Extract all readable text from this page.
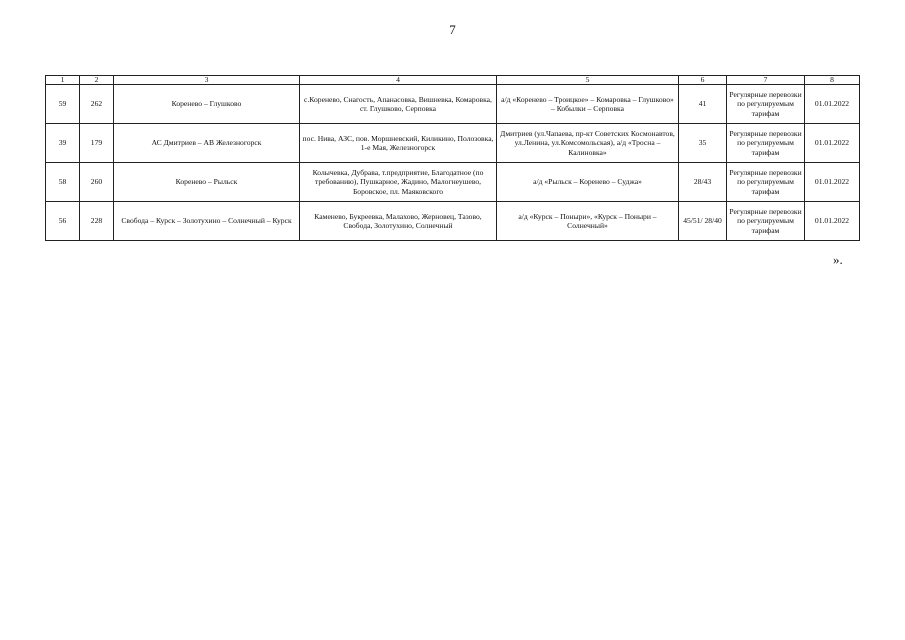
7
1	2	3	4	5	6	7	8
59	262	Коренево – Глушково	с.Коренево, Снагость, Апанасовка, Вишневка, Комаровка, ст. Глушково, Серповка	а/д «Коренево – Троицкое» – Комаровка – Глушково» – Кобылки – Серповка	41	Регулярные перевозки по регулируемым тарифам	01.01.2022
39	179	АС Дмитриев – АВ Железногорск	пос. Нива, АЗС, пов. Моршневский, Киликино, Полозовка, 1-е Мая, Железногорск	Дмитриев (ул.Чапаева, пр-кт Советских Космонавтов, ул.Ленина, ул.Комсомольская), а/д «Тросна – Калиновка»	35	Регулярные перевозки по регулируемым тарифам	01.01.2022
58	260	Коренево – Рыльск	Колычевка, Дубрава, т.предприятие, Благодатное (по требованию), Пушкарное, Жадино, Малогнеушево, Боровское, пл. Маяковского	а/д «Рыльск – Коренево – Суджа»	28/43	Регулярные перевозки по регулируемым тарифам	01.01.2022
56	228	Свобода – Курск – Золотухино – Солнечный – Курск	Каменево, Букреевка, Малахово, Жерновец, Тазово, Свобода, Золотухино, Солнечный	а/д «Курск – Поныри», «Курск – Поныри – Солнечный»	45/51/ 28/40	Регулярные перевозки по регулируемым тарифам	01.01.2022
».
